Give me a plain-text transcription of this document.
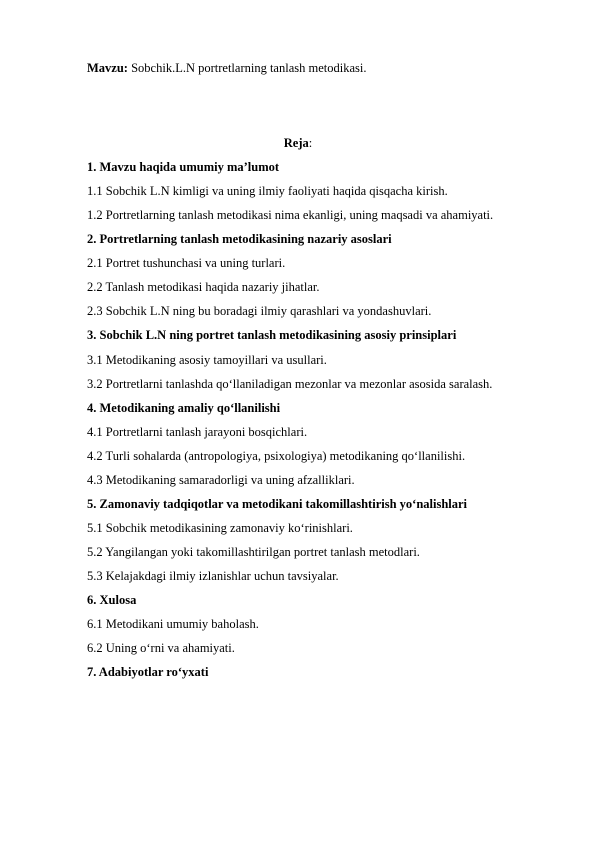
Mavzu: Sobchik.L.N portretlarning tanlash metodikasi.
Reja:
1. Mavzu haqida umumiy ma’lumot
1.1 Sobchik L.N kimligi va uning ilmiy faoliyati haqida qisqacha kirish.
1.2 Portretlarning tanlash metodikasi nima ekanligi, uning maqsadi va ahamiyati.
2. Portretlarning tanlash metodikasining nazariy asoslari
2.1 Portret tushunchasi va uning turlari.
2.2 Tanlash metodikasi haqida nazariy jihatlar.
2.3 Sobchik L.N ning bu boradagi ilmiy qarashlari va yondashuvlari.
3. Sobchik L.N ning portret tanlash metodikasining asosiy prinsiplari
3.1 Metodikaning asosiy tamoyillari va usullari.
3.2 Portretlarni tanlashda qo‘llaniladigan mezonlar va mezonlar asosida saralash.
4. Metodikaning amaliy qo‘llanilishi
4.1 Portretlarni tanlash jarayoni bosqichlari.
4.2 Turli sohalarda (antropologiya, psixologiya) metodikaning qo‘llanilishi.
4.3 Metodikaning samaradorligi va uning afzalliklari.
5. Zamonaviy tadqiqotlar va metodikani takomillashtirish yo‘nalishlari
5.1 Sobchik metodikasining zamonaviy ko‘rinishlari.
5.2 Yangilangan yoki takomillashtirilgan portret tanlash metodlari.
5.3 Kelajakdagi ilmiy izlanishlar uchun tavsiyalar.
6. Xulosa
6.1 Metodikani umumiy baholash.
6.2 Uning o‘rni va ahamiyati.
7. Adabiyotlar ro‘yxati
